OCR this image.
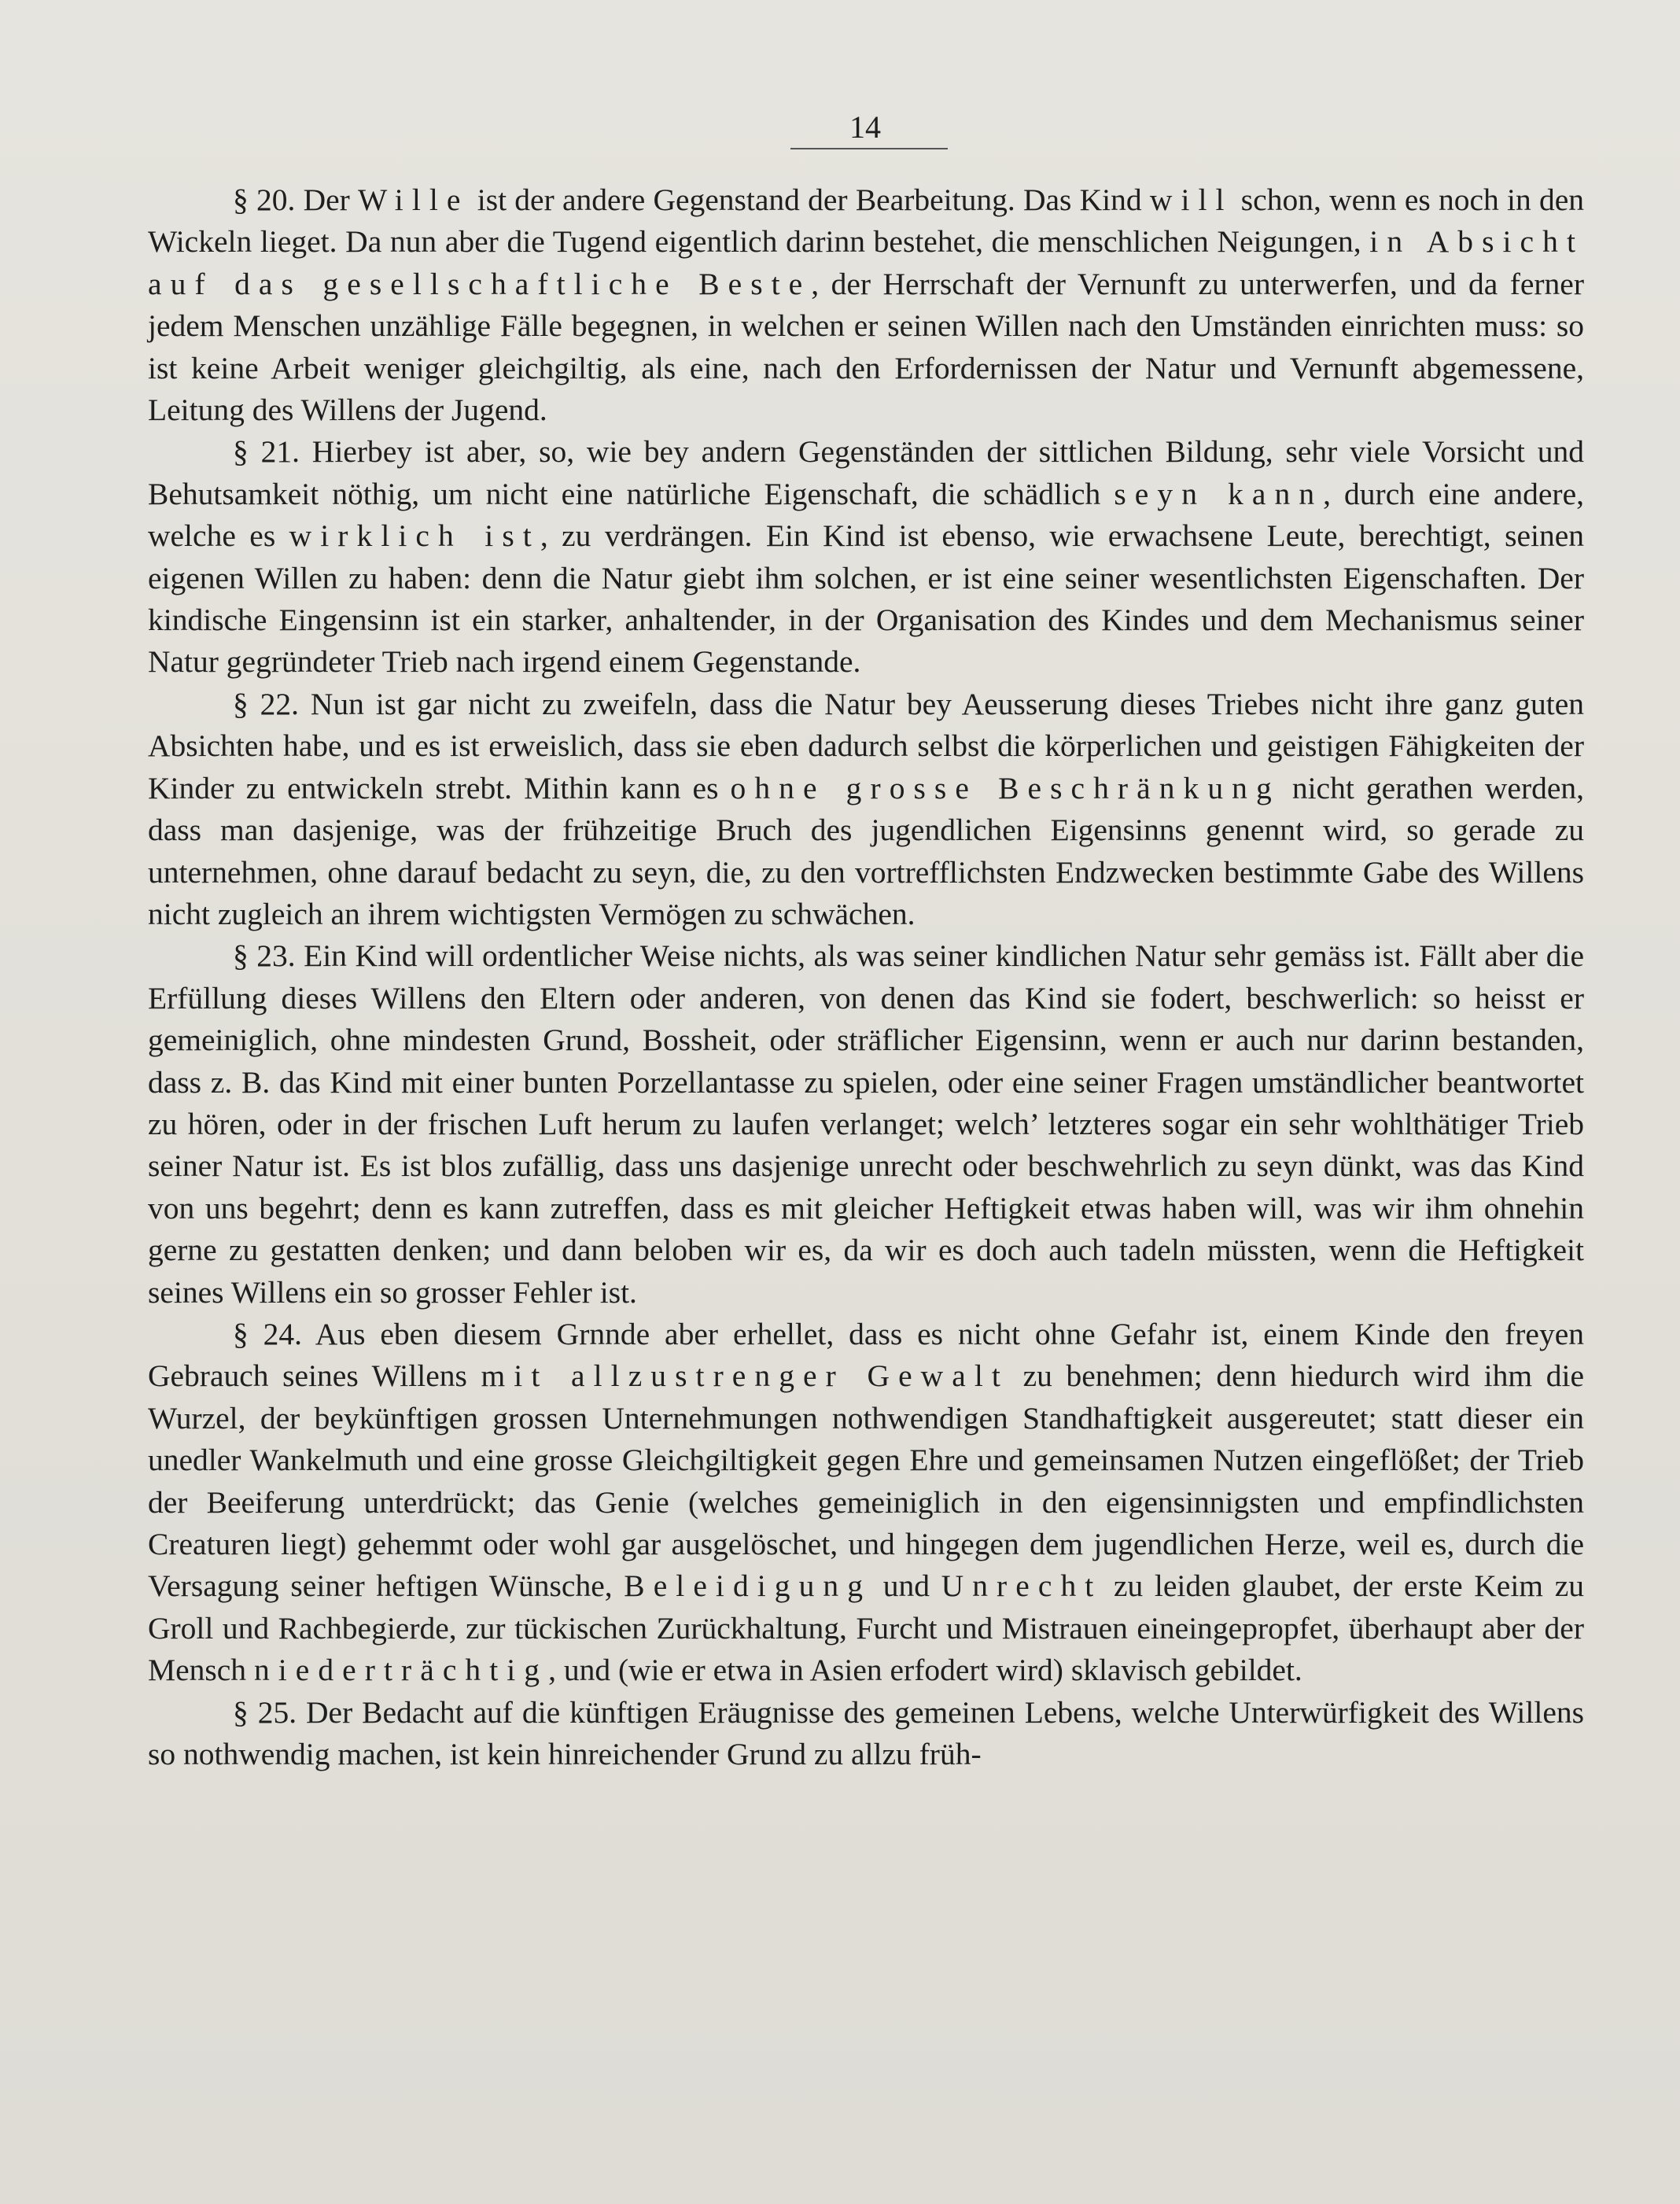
14

§ 20. Der Wille ist der andere Gegenstand der Bearbeitung. Das Kind will schon, wenn es noch in den Wickeln lieget. Da nun aber die Tugend eigentlich darinn bestehet, die menschlichen Neigungen, in Absicht auf das gesellschaftliche Beste, der Herrschaft der Vernunft zu unterwerfen, und da ferner jedem Menschen unzählige Fälle begegnen, in welchen er seinen Willen nach den Umständen einrichten muss: so ist keine Arbeit weniger gleichgiltig, als eine, nach den Erfordernissen der Natur und Vernunft abgemessene, Leitung des Willens der Jugend.

§ 21. Hierbey ist aber, so, wie bey andern Gegenständen der sittlichen Bildung, sehr viele Vorsicht und Behutsamkeit nöthig, um nicht eine natürliche Eigenschaft, die schädlich seyn kann, durch eine andere, welche es wirklich ist, zu verdrängen. Ein Kind ist ebenso, wie erwachsene Leute, berechtigt, seinen eigenen Willen zu haben: denn die Natur giebt ihm solchen, er ist eine seiner wesentlichsten Eigenschaften. Der kindische Eingensinn ist ein starker, anhaltender, in der Organisation des Kindes und dem Mechanismus seiner Natur gegründeter Trieb nach irgend einem Gegenstande.

§ 22. Nun ist gar nicht zu zweifeln, dass die Natur bey Aeusserung dieses Triebes nicht ihre ganz guten Absichten habe, und es ist erweislich, dass sie eben dadurch selbst die körperlichen und geistigen Fähigkeiten der Kinder zu entwickeln strebt. Mithin kann es ohne grosse Beschränkung nicht gerathen werden, dass man dasjenige, was der frühzeitige Bruch des jugendlichen Eigensinns genennt wird, so gerade zu unternehmen, ohne darauf bedacht zu seyn, die, zu den vortrefflichsten Endzwecken bestimmte Gabe des Willens nicht zugleich an ihrem wichtigsten Vermögen zu schwächen.

§ 23. Ein Kind will ordentlicher Weise nichts, als was seiner kindlichen Natur sehr gemäss ist. Fällt aber die Erfüllung dieses Willens den Eltern oder anderen, von denen das Kind sie fodert, beschwerlich: so heisst er gemeiniglich, ohne mindesten Grund, Bossheit, oder sträflicher Eigensinn, wenn er auch nur darinn bestanden, dass z. B. das Kind mit einer bunten Porzellantasse zu spielen, oder eine seiner Fragen umständlicher beantwortet zu hören, oder in der frischen Luft herum zu laufen verlanget; welch’ letzteres sogar ein sehr wohlthätiger Trieb seiner Natur ist. Es ist blos zufällig, dass uns dasjenige unrecht oder beschwehrlich zu seyn dünkt, was das Kind von uns begehrt; denn es kann zutreffen, dass es mit gleicher Heftigkeit etwas haben will, was wir ihm ohnehin gerne zu gestatten denken; und dann beloben wir es, da wir es doch auch tadeln müssten, wenn die Heftigkeit seines Willens ein so grosser Fehler ist.

§ 24. Aus eben diesem Grnnde aber erhellet, dass es nicht ohne Gefahr ist, einem Kinde den freyen Gebrauch seines Willens mit allzustrenger Gewalt zu benehmen; denn hiedurch wird ihm die Wurzel, der beykünftigen grossen Unternehmungen nothwendigen Standhaftigkeit ausgereutet; statt dieser ein unedler Wankelmuth und eine grosse Gleichgiltigkeit gegen Ehre und gemeinsamen Nutzen eingeflößet; der Trieb der Beeiferung unterdrückt; das Genie (welches gemeiniglich in den eigensinnigsten und empfindlichsten Creaturen liegt) gehemmt oder wohl gar ausgelöschet, und hingegen dem jugendlichen Herze, weil es, durch die Versagung seiner heftigen Wünsche, Beleidigung und Unrecht zu leiden glaubet, der erste Keim zu Groll und Rachbegierde, zur tückischen Zurückhaltung, Furcht und Mistrauen eineingepropfet, überhaupt aber der Mensch niederträchtig, und (wie er etwa in Asien erfodert wird) sklavisch gebildet.

§ 25. Der Bedacht auf die künftigen Eräugnisse des gemeinen Lebens, welche Unterwürfigkeit des Willens so nothwendig machen, ist kein hinreichender Grund zu allzu früh-
